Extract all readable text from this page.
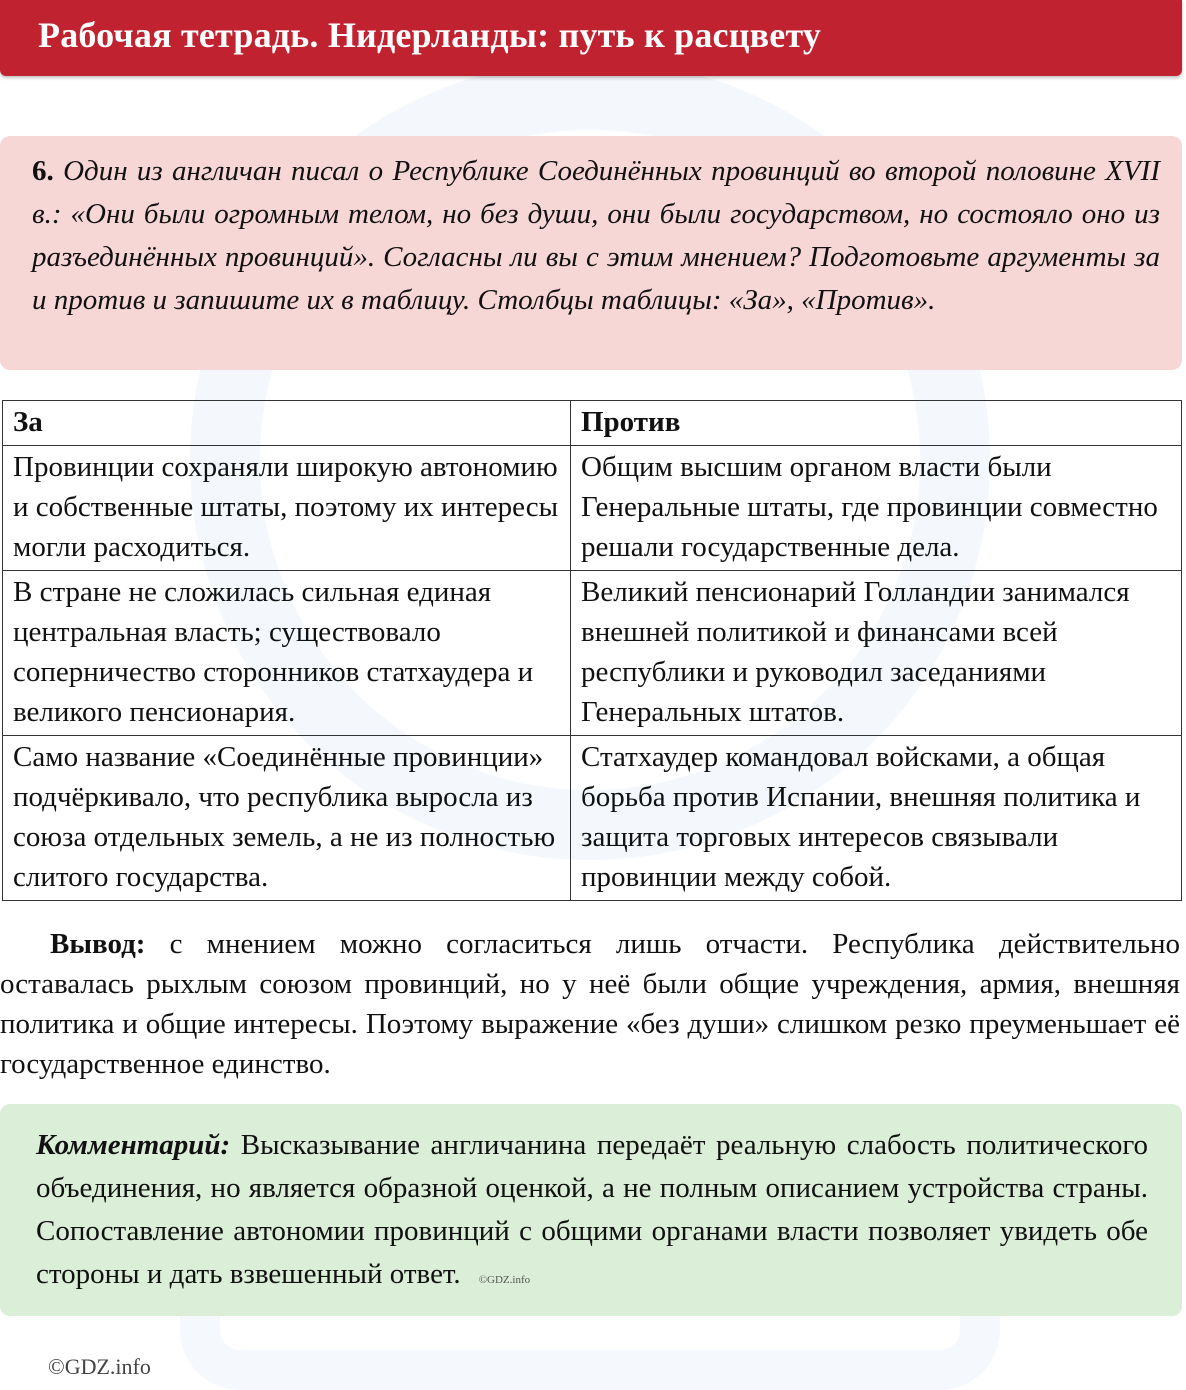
Рабочая тетрадь. Нидерланды: путь к расцвету
6. Один из англичан писал о Республике Соединённых провинций во второй половине XVII в.: «Они были огромным телом, но без души, они были государством, но состояло оно из разъединённых провинций». Согласны ли вы с этим мнением? Подготовьте аргументы за и против и запишите их в таблицу. Столбцы таблицы: «За», «Против».
За	Против

Провинции сохраняли широкую автономию и собственные штаты, поэтому их интересы могли расходиться.	Общим высшим органом власти были Генеральные штаты, где провинции совместно решали государственные дела.

В стране не сложилась сильная единая центральная власть; существовало соперничество сторонников статхаудера и великого пенсионария.	Великий пенсионарий Голландии занимался внешней политикой и финансами всей республики и руководил заседаниями Генеральных штатов.

Само название «Соединённые провинции» подчёркивало, что республика выросла из союза отдельных земель, а не из полностью слитого государства.	Статхаудер командовал войсками, а общая борьба против Испании, внешняя политика и защита торговых интересов связывали провинции между собой.
Вывод: с мнением можно согласиться лишь отчасти. Республика действительно оставалась рыхлым союзом провинций, но у неё были общие учреждения, армия, внешняя политика и общие интересы. Поэтому выражение «без души» слишком резко преуменьшает её государственное единство.
Комментарий: Высказывание англичанина передаёт реальную слабость политического объединения, но является образной оценкой, а не полным описанием устройства страны. Сопоставление автономии провинций с общими органами власти позволяет увидеть обе стороны и дать взвешенный ответ. ©GDZ.info
©GDZ.info
